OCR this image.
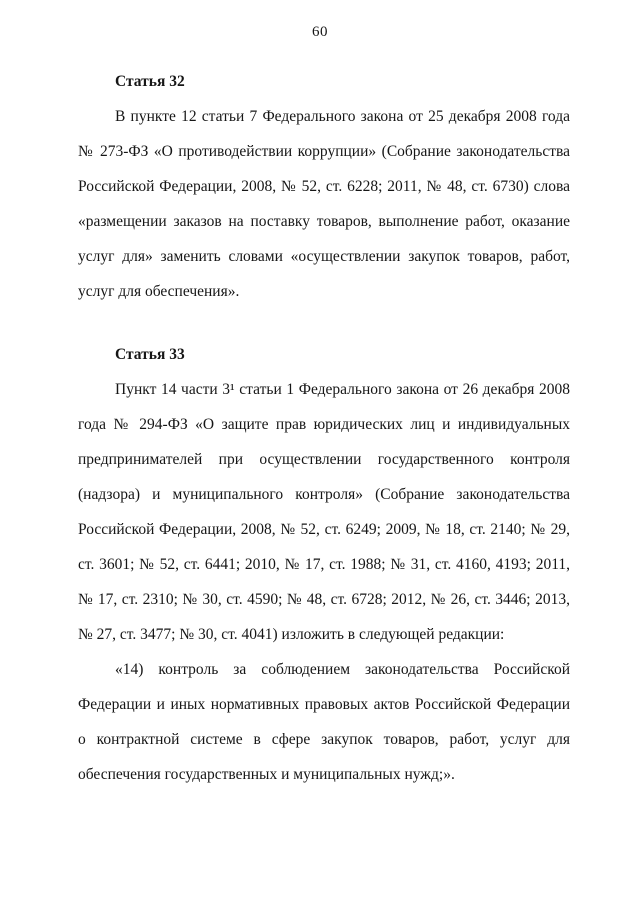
60
Статья 32

В пункте 12 статьи 7 Федерального закона от 25 декабря 2008 года № 273-ФЗ «О противодействии коррупции» (Собрание законодательства Российской Федерации, 2008, № 52, ст. 6228; 2011, № 48, ст. 6730) слова «размещении заказов на поставку товаров, выполнение работ, оказание услуг для» заменить словами «осуществлении закупок товаров, работ, услуг для обеспечения».

Статья 33

Пункт 14 части 3¹ статьи 1 Федерального закона от 26 декабря 2008 года № 294-ФЗ «О защите прав юридических лиц и индивидуальных предпринимателей при осуществлении государственного контроля (надзора) и муниципального контроля» (Собрание законодательства Российской Федерации, 2008, № 52, ст. 6249; 2009, № 18, ст. 2140; № 29, ст. 3601; № 52, ст. 6441; 2010, № 17, ст. 1988; № 31, ст. 4160, 4193; 2011, № 17, ст. 2310; № 30, ст. 4590; № 48, ст. 6728; 2012, № 26, ст. 3446; 2013, № 27, ст. 3477; № 30, ст. 4041) изложить в следующей редакции:

«14) контроль за соблюдением законодательства Российской Федерации и иных нормативных правовых актов Российской Федерации о контрактной системе в сфере закупок товаров, работ, услуг для обеспечения государственных и муниципальных нужд;».
